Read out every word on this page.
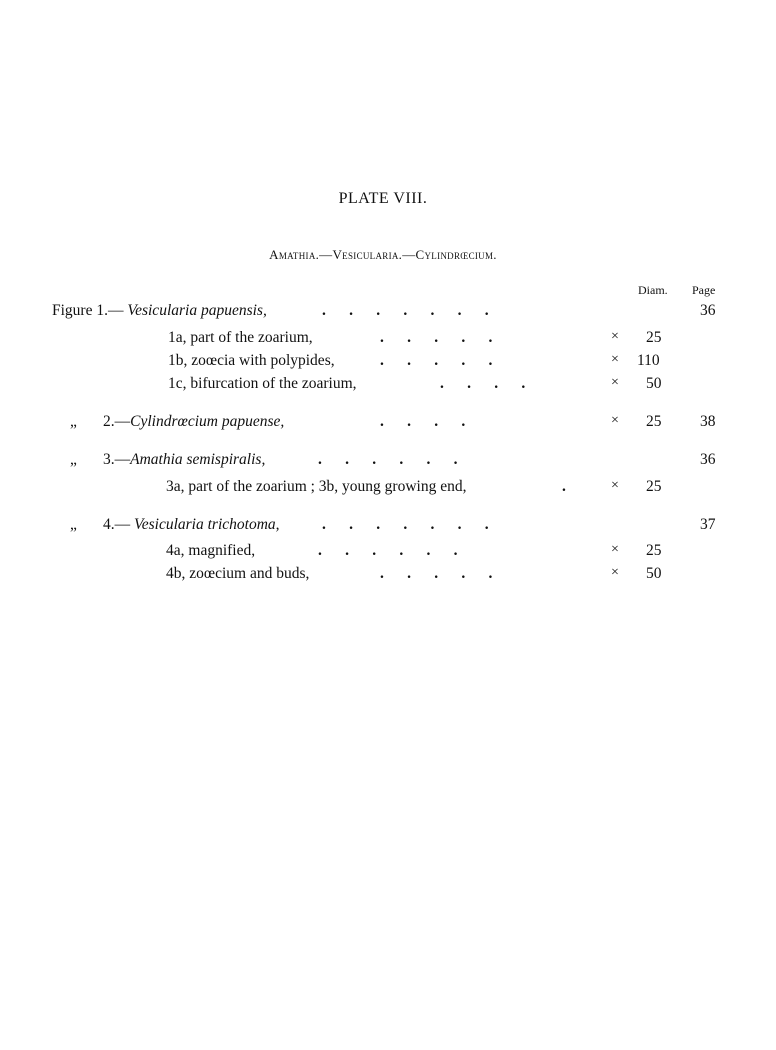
PLATE VIII.
Amathia.—Vesicularia.—Cylindrœcium.
Diam. Page
Figure 1.— Vesicularia papuensis,	.      .      .      .      .      .      .	36
1a, part of the zoarium,	.      .      .      .      .	× 25
1b, zoœcia with polypides,	.      .      .      .      .	× 110
1c, bifurcation of the zoarium,	.      .      .      .	× 50
„ 2.—Cylindrœcium papuense,	.      .      .      .	× 25	38
„ 3.—Amathia semispiralis,	.      .      .      .      .      .	36
3a, part of the zoarium ; 3b, young growing end,	.	× 25
„ 4.— Vesicularia trichotoma,	.      .      .      .      .      .      .	37
4a, magnified,	.      .      .      .      .      .	× 25
4b, zoœcium and buds,	.      .      .      .      .	× 50
